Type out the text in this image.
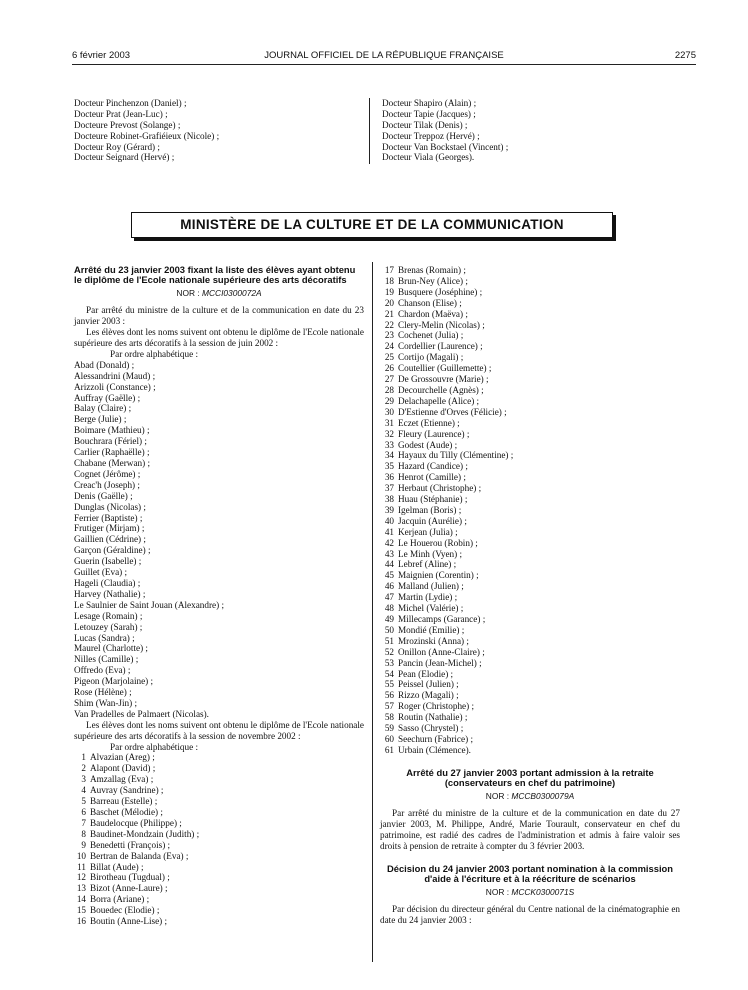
6 février 2003	JOURNAL OFFICIEL DE LA RÉPUBLIQUE FRANÇAISE	2275
Docteur Pinchenzon (Daniel) ;
Docteur Prat (Jean-Luc) ;
Docteure Prevost (Solange) ;
Docteure Robinet-Grafiéieux (Nicole) ;
Docteur Roy (Gérard) ;
Docteur Seignard (Hervé) ;
Docteur Shapiro (Alain) ;
Docteur Tapie (Jacques) ;
Docteur Tilak (Denis) ;
Docteur Treppoz (Hervé) ;
Docteur Van Bockstael (Vincent) ;
Docteur Viala (Georges).
MINISTÈRE DE LA CULTURE ET DE LA COMMUNICATION
Arrêté du 23 janvier 2003 fixant la liste des élèves ayant obtenu le diplôme de l'Ecole nationale supérieure des arts décoratifs
NOR : MCCI0300072A
Par arrêté du ministre de la culture et de la communication en date du 23 janvier 2003 :
Les élèves dont les noms suivent ont obtenu le diplôme de l'Ecole nationale supérieure des arts décoratifs à la session de juin 2002 :
Par ordre alphabétique :
Abad (Donald) ;
Alessandrini (Maud) ;
Arizzoli (Constance) ;
Auffray (Gaëlle) ;
Balay (Claire) ;
Berge (Julie) ;
Boimare (Mathieu) ;
Bouchrara (Fériel) ;
Carlier (Raphaëlle) ;
Chabane (Merwan) ;
Cognet (Jérôme) ;
Creac'h (Joseph) ;
Denis (Gaëlle) ;
Dunglas (Nicolas) ;
Ferrier (Baptiste) ;
Frutiger (Mirjam) ;
Gaillien (Cédrine) ;
Garçon (Géraldine) ;
Guerin (Isabelle) ;
Guillet (Eva) ;
Hageli (Claudia) ;
Harvey (Nathalie) ;
Le Saulnier de Saint Jouan (Alexandre) ;
Lesage (Romain) ;
Letouzey (Sarah) ;
Lucas (Sandra) ;
Maurel (Charlotte) ;
Nilles (Camille) ;
Offredo (Eva) ;
Pigeon (Marjolaine) ;
Rose (Hélène) ;
Shim (Wan-Jin) ;
Van Pradelles de Palmaert (Nicolas).
Les élèves dont les noms suivent ont obtenu le diplôme de l'Ecole nationale supérieure des arts décoratifs à la session de novembre 2002 :
Par ordre alphabétique :
1 Alvazian (Areg) ;
2 Alapont (David) ;
3 Amzallag (Eva) ;
4 Auvray (Sandrine) ;
5 Barreau (Estelle) ;
6 Baschet (Mélodie) ;
7 Baudelocque (Philippe) ;
8 Baudinet-Mondzain (Judith) ;
9 Benedetti (François) ;
10 Bertran de Balanda (Eva) ;
11 Billat (Aude) ;
12 Birotheau (Tugdual) ;
13 Bizot (Anne-Laure) ;
14 Borra (Ariane) ;
15 Bouedec (Elodie) ;
16 Boutin (Anne-Lise) ;
17 Brenas (Romain) ;
18 Brun-Ney (Alice) ;
19 Busquere (Joséphine) ;
20 Chanson (Elise) ;
21 Chardon (Maëva) ;
22 Clery-Melin (Nicolas) ;
23 Cochenet (Julia) ;
24 Cordellier (Laurence) ;
25 Cortijo (Magali) ;
26 Coutellier (Guillemette) ;
27 De Grossouvre (Marie) ;
28 Decourchelle (Agnès) ;
29 Delachapelle (Alice) ;
30 D'Estienne d'Orves (Félicie) ;
31 Eczet (Etienne) ;
32 Fleury (Laurence) ;
33 Godest (Aude) ;
34 Hayaux du Tilly (Clémentine) ;
35 Hazard (Candice) ;
36 Henrot (Camille) ;
37 Herbaut (Christophe) ;
38 Huau (Stéphanie) ;
39 Igelman (Boris) ;
40 Jacquin (Aurélie) ;
41 Kerjean (Julia) ;
42 Le Houerou (Robin) ;
43 Le Minh (Vyen) ;
44 Lebref (Aline) ;
45 Maignien (Corentin) ;
46 Malland (Julien) ;
47 Martin (Lydie) ;
48 Michel (Valérie) ;
49 Millecamps (Garance) ;
50 Mondié (Emilie) ;
51 Mrozinski (Anna) ;
52 Onillon (Anne-Claire) ;
53 Pancin (Jean-Michel) ;
54 Pean (Elodie) ;
55 Peissel (Julien) ;
56 Rizzo (Magali) ;
57 Roger (Christophe) ;
58 Routin (Nathalie) ;
59 Sasso (Chrystel) ;
60 Seechurn (Fabrice) ;
61 Urbain (Clémence).
Arrêté du 27 janvier 2003 portant admission à la retraite (conservateurs en chef du patrimoine)
NOR : MCCB0300079A
Par arrêté du ministre de la culture et de la communication en date du 27 janvier 2003, M. Philippe, André, Marie Tourault, conservateur en chef du patrimoine, est radié des cadres de l'administration et admis à faire valoir ses droits à pension de retraite à compter du 3 février 2003.
Décision du 24 janvier 2003 portant nomination à la commission d'aide à l'écriture et à la réécriture de scénarios
NOR : MCCK0300071S
Par décision du directeur général du Centre national de la cinématographie en date du 24 janvier 2003 :
